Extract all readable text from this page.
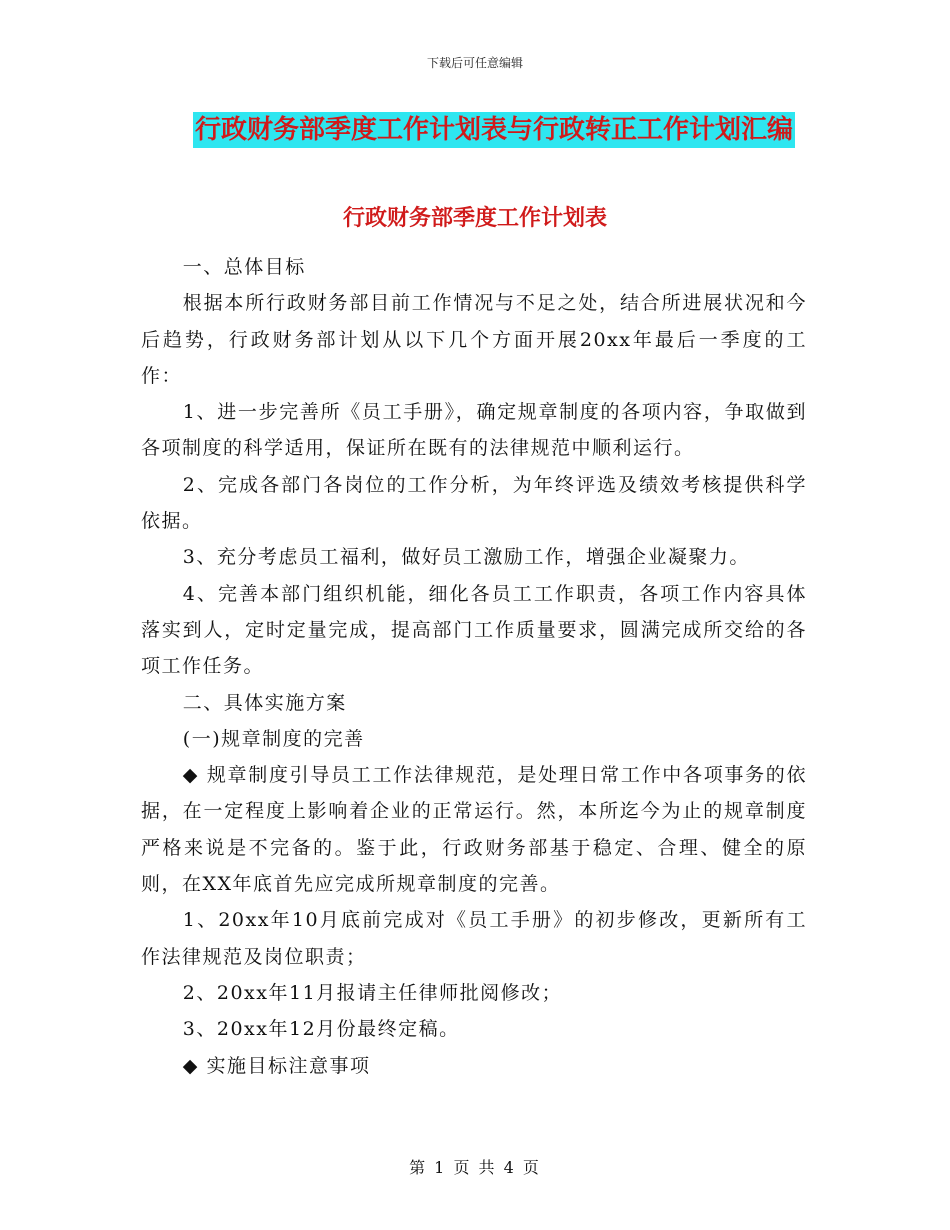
下载后可任意编辑
行政财务部季度工作计划表与行政转正工作计划汇编
行政财务部季度工作计划表

一、总体目标

根据本所行政财务部目前工作情况与不足之处，结合所进展状况和今后趋势，行政财务部计划从以下几个方面开展20xx年最后一季度的工作：

1、进一步完善所《员工手册》，确定规章制度的各项内容，争取做到各项制度的科学适用，保证所在既有的法律规范中顺利运行。

2、完成各部门各岗位的工作分析，为年终评选及绩效考核提供科学依据。

3、充分考虑员工福利，做好员工激励工作，增强企业凝聚力。

4、完善本部门组织机能，细化各员工工作职责，各项工作内容具体落实到人，定时定量完成，提高部门工作质量要求，圆满完成所交给的各项工作任务。

二、具体实施方案

(一)规章制度的完善

◆ 规章制度引导员工工作法律规范，是处理日常工作中各项事务的依据，在一定程度上影响着企业的正常运行。然，本所迄今为止的规章制度严格来说是不完备的。鉴于此，行政财务部基于稳定、合理、健全的原则，在XX年底首先应完成所规章制度的完善。

1、20xx年10月底前完成对《员工手册》的初步修改，更新所有工作法律规范及岗位职责；

2、20xx年11月报请主任律师批阅修改；

3、20xx年12月份最终定稿。

◆ 实施目标注意事项

第 1 页 共 4 页
